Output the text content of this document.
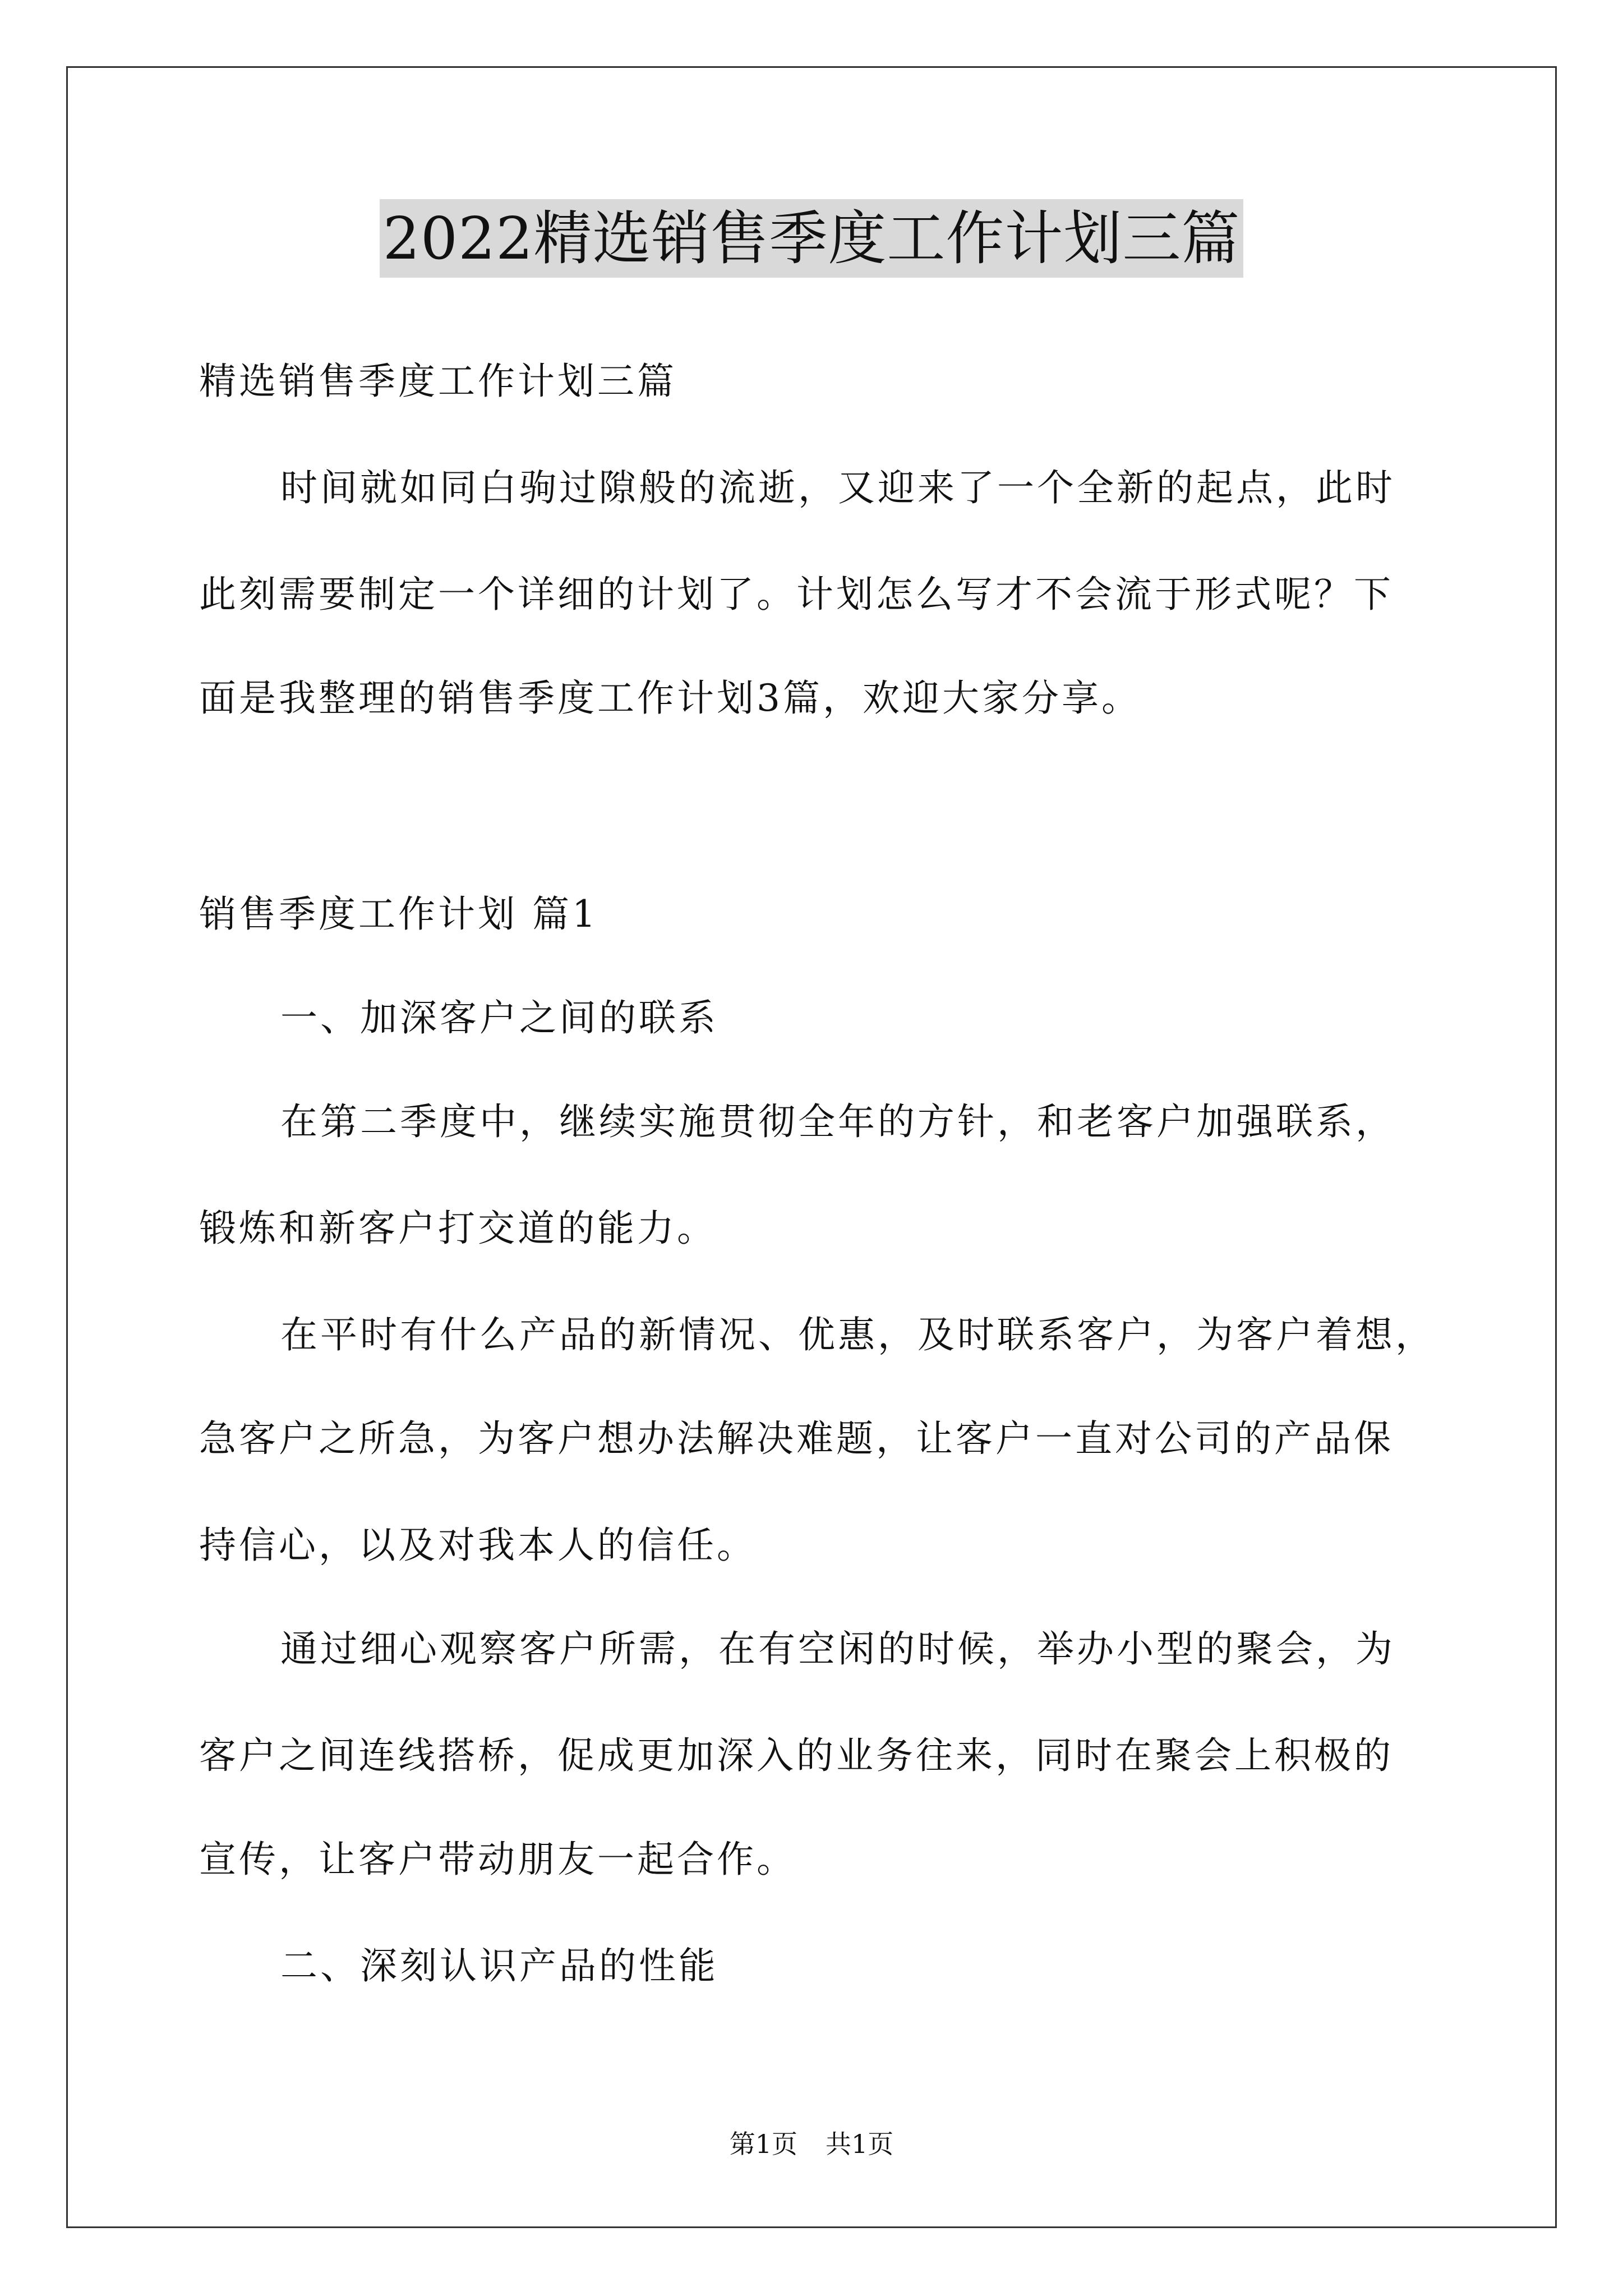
2022精选销售季度工作计划三篇
精选销售季度工作计划三篇
时间就如同白驹过隙般的流逝，又迎来了一个全新的起点，此时
此刻需要制定一个详细的计划了。计划怎么写才不会流于形式呢？下
面是我整理的销售季度工作计划3篇，欢迎大家分享。
销售季度工作计划 篇1
一、加深客户之间的联系
在第二季度中，继续实施贯彻全年的方针，和老客户加强联系，
锻炼和新客户打交道的能力。
在平时有什么产品的新情况、优惠，及时联系客户，为客户着想，
急客户之所急，为客户想办法解决难题，让客户一直对公司的产品保
持信心，以及对我本人的信任。
通过细心观察客户所需，在有空闲的时候，举办小型的聚会，为
客户之间连线搭桥，促成更加深入的业务往来，同时在聚会上积极的
宣传，让客户带动朋友一起合作。
二、深刻认识产品的性能
第1页 共1页
